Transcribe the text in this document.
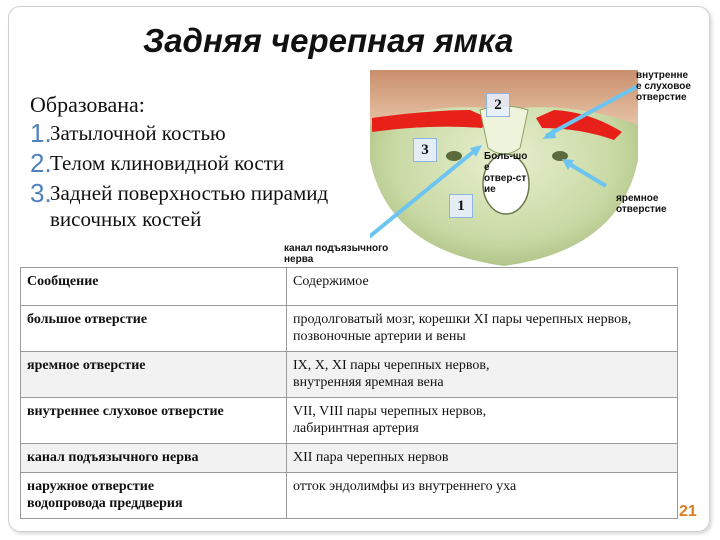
Задняя черепная ямка
Образована:
1.
Затылочной костью
2.
Телом клиновидной кости
3.
Задней поверхностью пирамид
височных костей
Боль-шо
е
отвер-ст
ие
2
3
1
внутренне
е слуховое
отверстие
яремное
отверстие
канал подъязычного
нерва
Сообщение	Содержимое
большое отверстие	продолговатый мозг, корешки XI пары черепных нервов, позвоночные артерии и вены
яремное отверстие	IX, X, XI пары черепных нервов,
внутренняя яремная вена

внутреннее слуховое отверстие	VII, VIII пары черепных нервов,
лабиринтная артерия

канал подъязычного нерва	XII пара черепных нервов

наружное отверстие
водопровода преддверия	отток эндолимфы из внутреннего уха
21
